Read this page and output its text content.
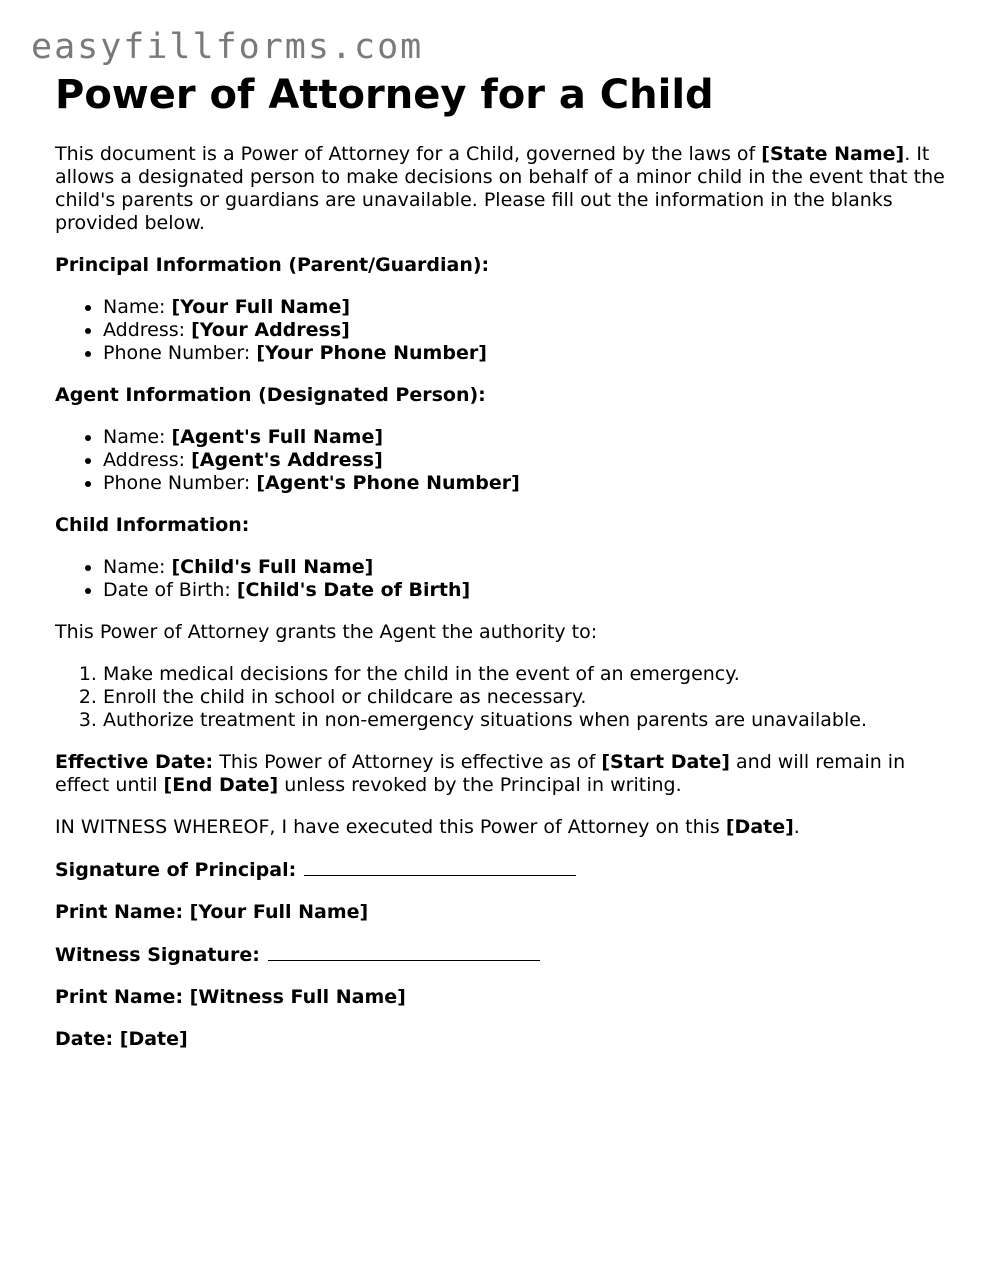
easyfillforms.com
Power of Attorney for a Child

This document is a Power of Attorney for a Child, governed by the laws of [State Name]. It allows a designated person to make decisions on behalf of a minor child in the event that the child's parents or guardians are unavailable. Please fill out the information in the blanks provided below.

Principal Information (Parent/Guardian):

• Name: [Your Full Name]
• Address: [Your Address]
• Phone Number: [Your Phone Number]

Agent Information (Designated Person):

• Name: [Agent's Full Name]
• Address: [Agent's Address]
• Phone Number: [Agent's Phone Number]

Child Information:

• Name: [Child's Full Name]
• Date of Birth: [Child's Date of Birth]

This Power of Attorney grants the Agent the authority to:

1. Make medical decisions for the child in the event of an emergency.
2. Enroll the child in school or childcare as necessary.
3. Authorize treatment in non-emergency situations when parents are unavailable.

Effective Date: This Power of Attorney is effective as of [Start Date] and will remain in effect until [End Date] unless revoked by the Principal in writing.

IN WITNESS WHEREOF, I have executed this Power of Attorney on this [Date].

Signature of Principal:

Print Name: [Your Full Name]

Witness Signature:

Print Name: [Witness Full Name]

Date: [Date]
